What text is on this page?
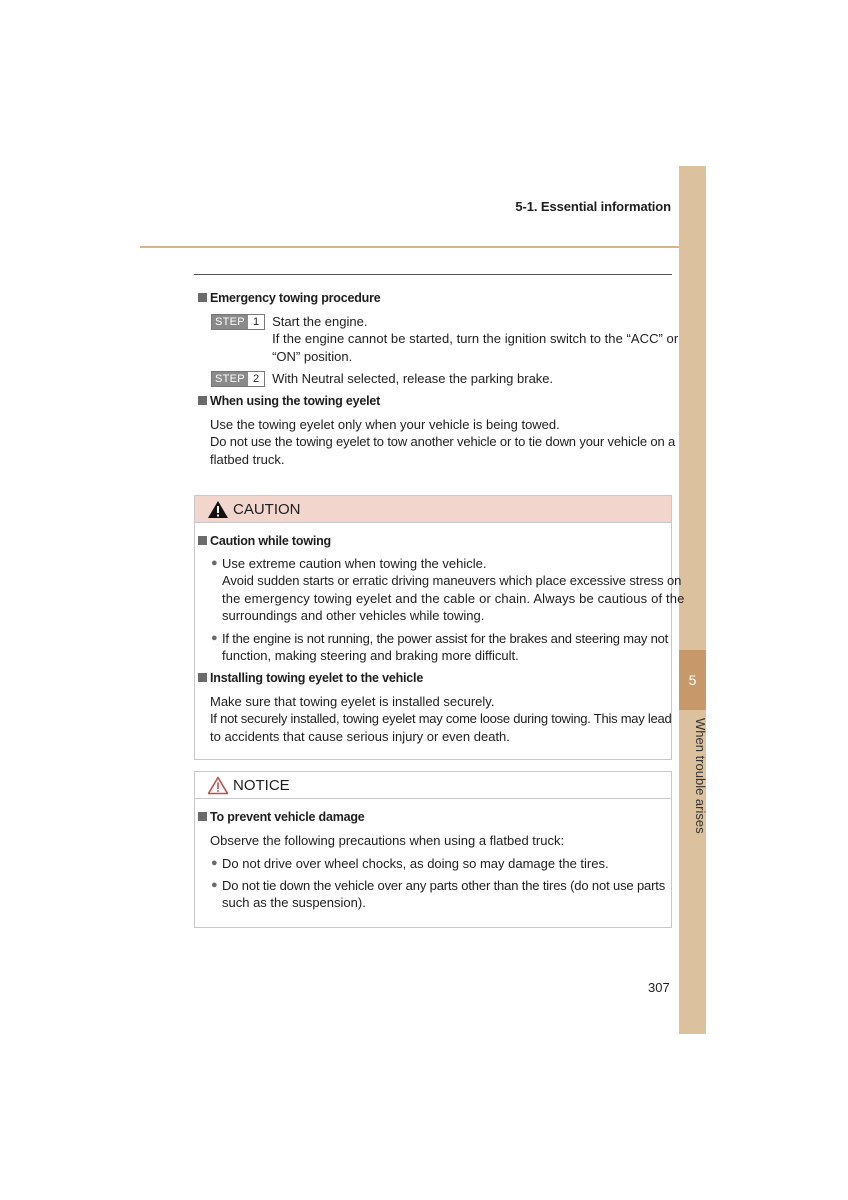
5-1. Essential information
5
When trouble arises
Emergency towing procedure
STEP 1	Start the engine.
If the engine cannot be started, turn the ignition switch to the “ACC” or
“ON” position.
STEP 2	With Neutral selected, release the parking brake.
When using the towing eyelet
Use the towing eyelet only when your vehicle is being towed.
Do not use the towing eyelet to tow another vehicle or to tie down your vehicle on a
flatbed truck.
CAUTION
Caution while towing
● Use extreme caution when towing the vehicle.
Avoid sudden starts or erratic driving maneuvers which place excessive stress on
the emergency towing eyelet and the cable or chain. Always be cautious of the
surroundings and other vehicles while towing.
● If the engine is not running, the power assist for the brakes and steering may not
function, making steering and braking more difficult.
Installing towing eyelet to the vehicle
Make sure that towing eyelet is installed securely.
If not securely installed, towing eyelet may come loose during towing. This may lead
to accidents that cause serious injury or even death.
NOTICE
To prevent vehicle damage
Observe the following precautions when using a flatbed truck:
● Do not drive over wheel chocks, as doing so may damage the tires.
● Do not tie down the vehicle over any parts other than the tires (do not use parts
such as the suspension).
307
